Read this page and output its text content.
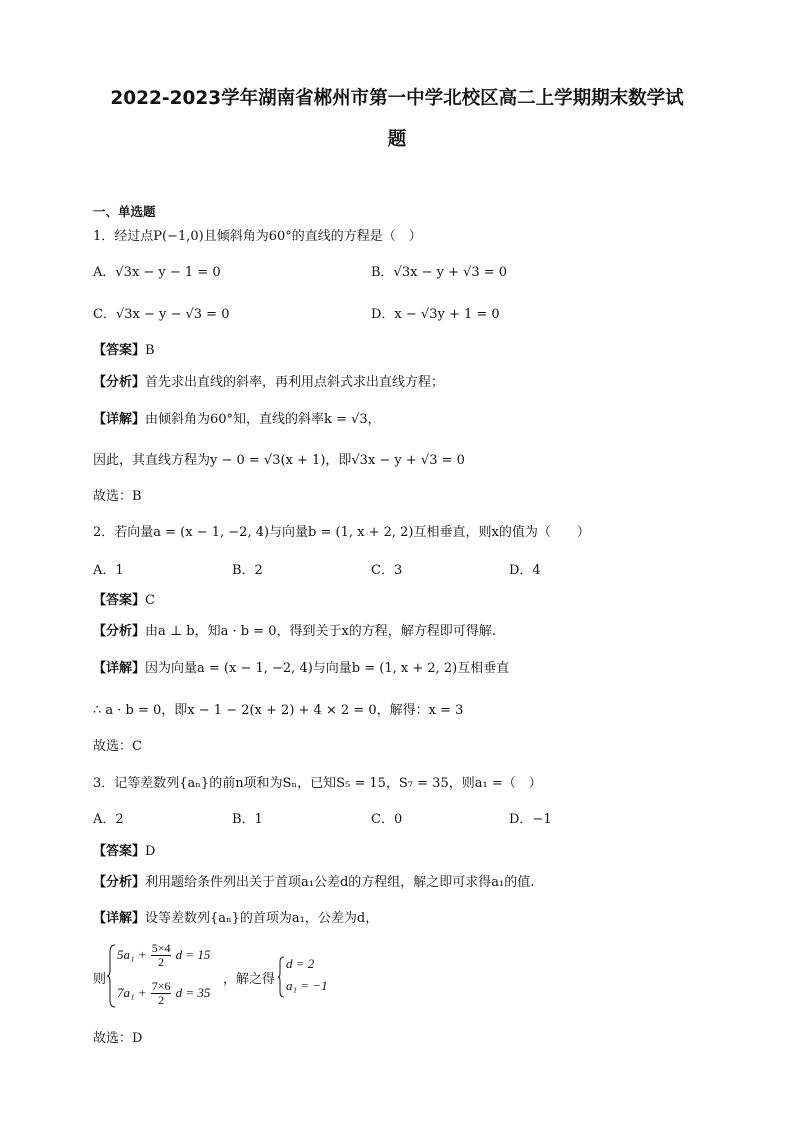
2022-2023学年湖南省郴州市第一中学北校区高二上学期期末数学试
题
一、单选题
1．经过点P(−1,0)且倾斜角为60°的直线的方程是（　）
A．√3x − y − 1 = 0	B．√3x − y + √3 = 0
C．√3x − y − √3 = 0	D．x − √3y + 1 = 0
【答案】B
【分析】首先求出直线的斜率，再利用点斜式求出直线方程；
【详解】由倾斜角为60°知，直线的斜率k = √3，
因此，其直线方程为y − 0 = √3(x + 1)，即√3x − y + √3 = 0
故选：B
2．若向量a = (x − 1, −2, 4)与向量b = (1, x + 2, 2)互相垂直，则x的值为（　　）
A．1	B．2	C．3	D．4
【答案】C
【分析】由a ⊥ b，知a · b = 0，得到关于x的方程，解方程即可得解.
【详解】因为向量a = (x − 1, −2, 4)与向量b = (1, x + 2, 2)互相垂直
∴ a · b = 0，即x − 1 − 2(x + 2) + 4 × 2 = 0，解得：x = 3
故选：C
3．记等差数列{aₙ}的前n项和为Sₙ，已知S₅ = 15，S₇ = 35，则a₁ =（　）
A．2	B．1	C．0	D．−1
【答案】D
【分析】利用题给条件列出关于首项a₁公差d的方程组，解之即可求得a₁的值.
【详解】设等差数列{aₙ}的首项为a₁，公差为d，
则
$5a_1 + \frac{5\times 4}{2}$ d = 15
$7a_1 + \frac{7\times 6}{2}$ d = 35
，解之得
d = 2
a₁ = −1
故选：D
